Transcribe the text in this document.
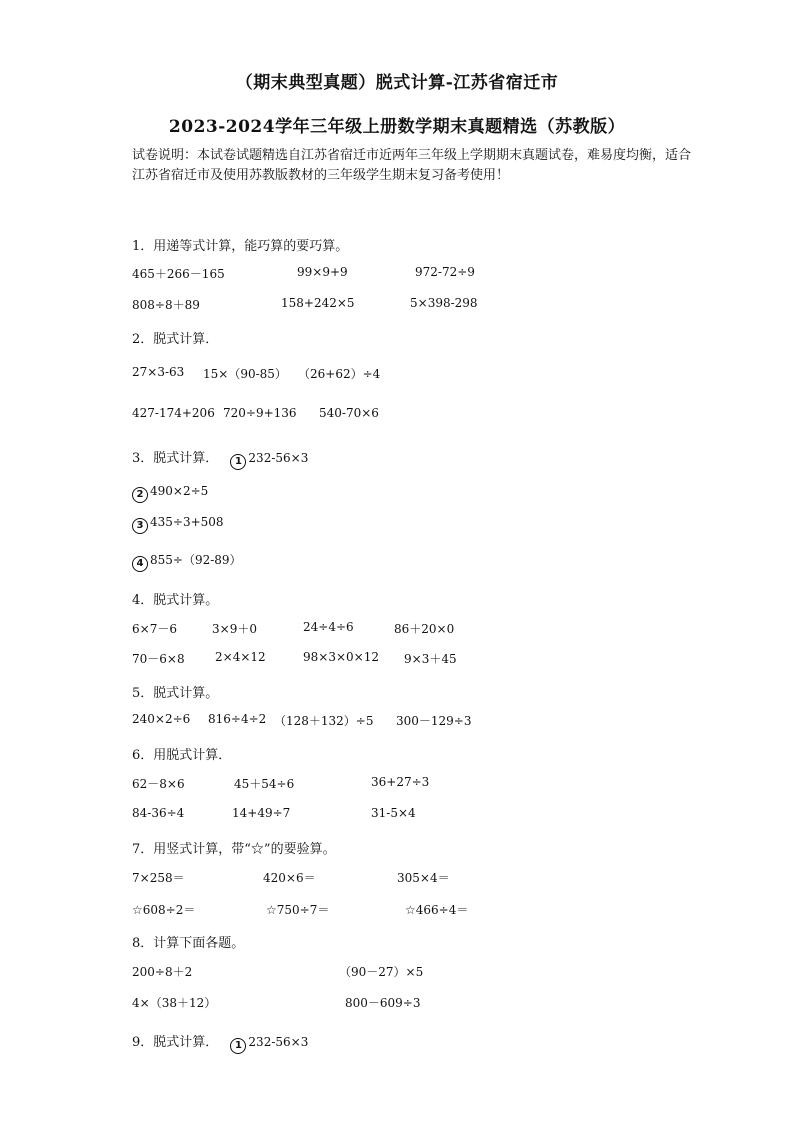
（期末典型真题）脱式计算-江苏省宿迁市
2023-2024学年三年级上册数学期末真题精选（苏教版）
试卷说明：本试卷试题精选自江苏省宿迁市近两年三年级上学期期末真题试卷，难易度均衡，适合江苏省宿迁市及使用苏教版教材的三年级学生期末复习备考使用！
1．用递等式计算，能巧算的要巧算。
465＋266－165	99×9+9	972-72÷9
808÷8＋89	158+242×5	5×398-298
2．脱式计算．
27×3-63 15×（90-85） （26+62）÷4
427-174+206 720÷9+136 540-70×6
3．脱式计算． 1 232-56×3
2 490×2÷5
3 435÷3+508
4 855÷（92-89）
4．脱式计算。
6×7－6	3×9＋0	24÷4÷6	86＋20×0
70－6×8	2×4×12	98×3×0×12 9×3＋45
5．脱式计算。
240×2÷6 816÷4÷2 （128＋132）÷5 300－129÷3
6．用脱式计算．
62－8×6	45＋54÷6	36+27÷3
84-36÷4	14+49÷7	31-5×4
7．用竖式计算，带“☆”的要验算。
7×258＝	420×6＝	305×4＝
☆608÷2＝	☆750÷7＝	☆466÷4＝
8．计算下面各题。
200÷8＋2	（90－27）×5
4×（38＋12）	800－609÷3
9．脱式计算． 1 232-56×3
